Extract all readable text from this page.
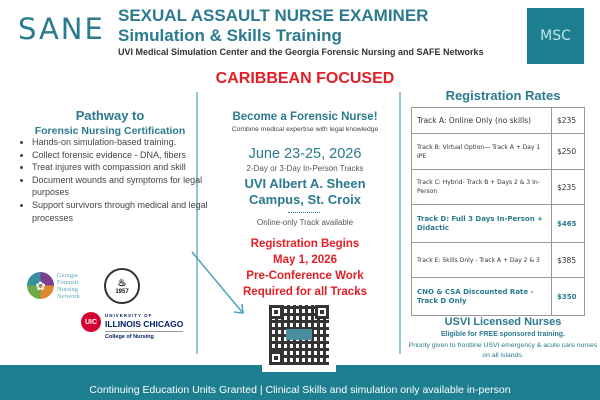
SANE SEXUAL ASSAULT NURSE EXAMINER
Simulation & Skills Training
UVI Medical Simulation Center and the Georgia Forensic Nursing and SAFE Networks
MSC
CARIBBEAN FOCUSED
Pathway to
Forensic Nursing Certification
• Hands-on simulation-based training.
• Collect forensic evidence - DNA, fibers
• Treat injures with compassion and skill
• Document wounds and symptoms for legal purposes
• Support survivors through medical and legal processes
✿
Georgia
Forensic
Nursing
Network
♨
1957
UIC
UNIVERSITY OF
ILLINOIS CHICAGO
College of Nursing
Become a Forensic Nurse!
Combine medical expertise with legal knowledge
June 23-25, 2026
2-Day or 3-Day In-Person Tracks
UVI Albert A. Sheen
Campus, St. Croix
Online-only Track available
Registration Begins
May 1, 2026
Pre-Conference Work
Required for all Tracks
Continuing Education Units Granted | Clinical Skills and simulation only available in-person
Registration Rates
Track A: Online Only (no skills)	$235
Track B: Virtual Option— Track A + Day 1 IPE	$250
Track C: Hybrid- Track B + Days 2 & 3 In-Person	$235
Track D: Full 3 Days In-Person + Didactic	$465
Track E: Skills Only - Track A + Day 2 & 3	$385
CNO & CSA Discounted Rate - Track D Only	$350
USVI Licensed Nurses
Eligible for FREE sponsored training.
Priority given to frontline USVI emergency & acute care nurses on all islands.
